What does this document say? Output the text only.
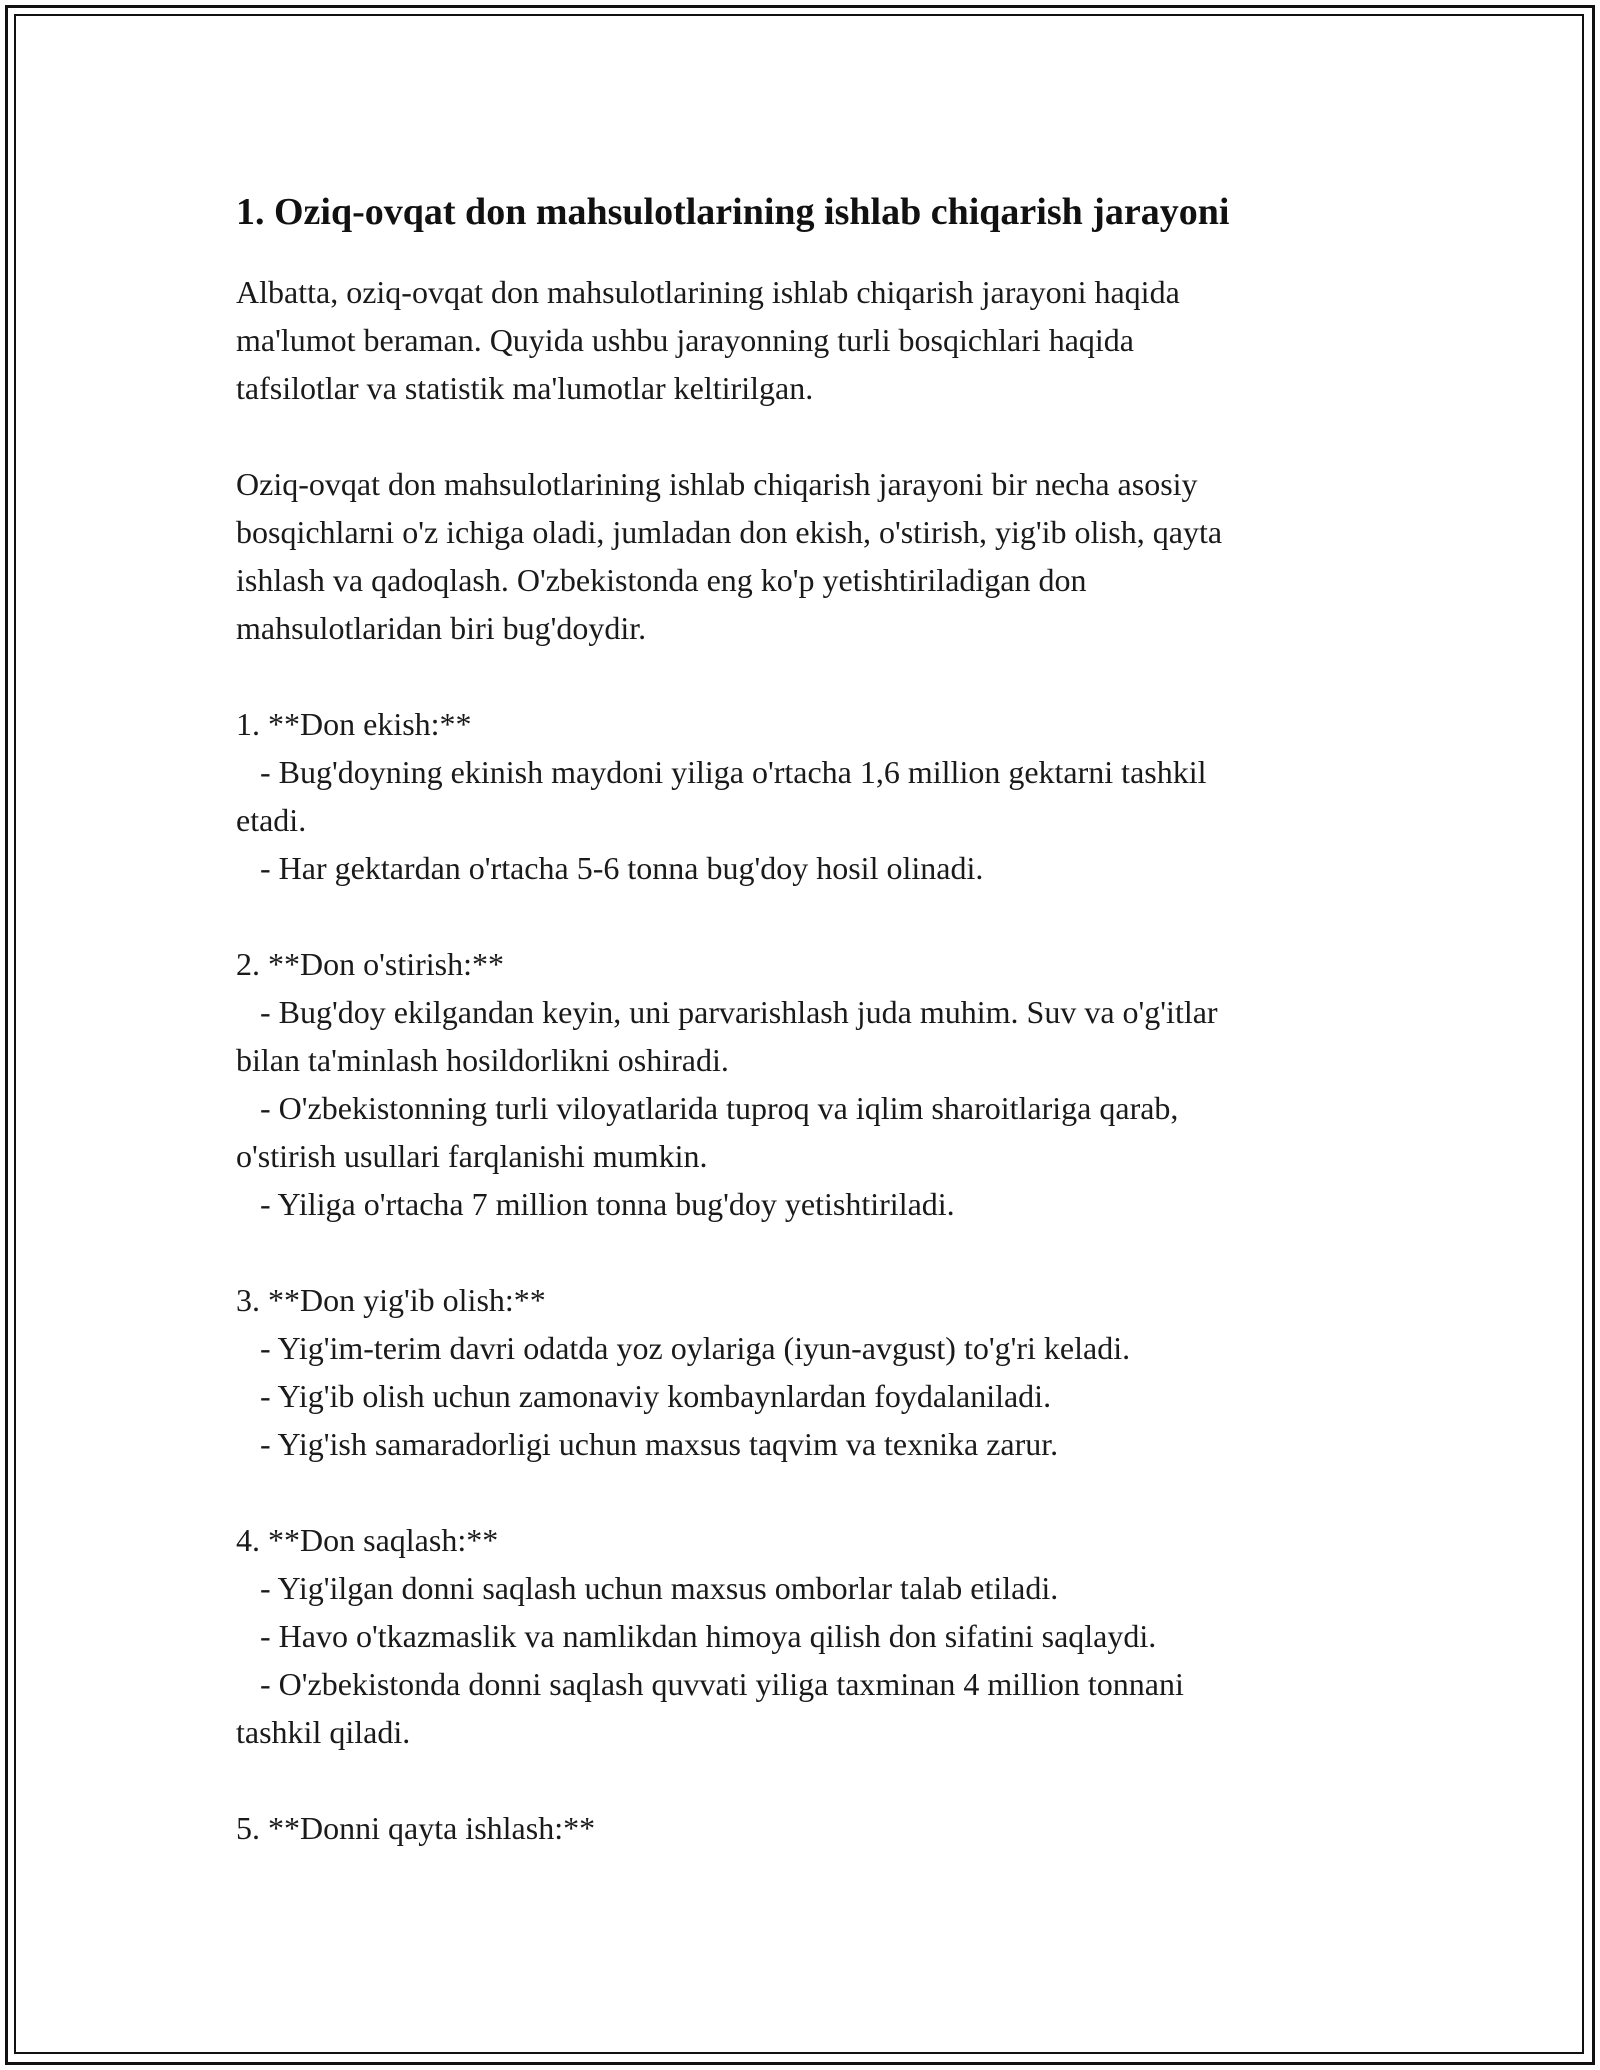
1. Oziq-ovqat don mahsulotlarining ishlab chiqarish jarayoni

Albatta, oziq-ovqat don mahsulotlarining ishlab chiqarish jarayoni haqida
ma'lumot beraman. Quyida ushbu jarayonning turli bosqichlari haqida
tafsilotlar va statistik ma'lumotlar keltirilgan.

Oziq-ovqat don mahsulotlarining ishlab chiqarish jarayoni bir necha asosiy
bosqichlarni o'z ichiga oladi, jumladan don ekish, o'stirish, yig'ib olish, qayta
ishlash va qadoqlash. O'zbekistonda eng ko'p yetishtiriladigan don
mahsulotlaridan biri bug'doydir.

1. **Don ekish:**
- Bug'doyning ekinish maydoni yiliga o'rtacha 1,6 million gektarni tashkil
etadi.
- Har gektardan o'rtacha 5-6 tonna bug'doy hosil olinadi.

2. **Don o'stirish:**
- Bug'doy ekilgandan keyin, uni parvarishlash juda muhim. Suv va o'g'itlar
bilan ta'minlash hosildorlikni oshiradi.
- O'zbekistonning turli viloyatlarida tuproq va iqlim sharoitlariga qarab,
o'stirish usullari farqlanishi mumkin.
- Yiliga o'rtacha 7 million tonna bug'doy yetishtiriladi.

3. **Don yig'ib olish:**
- Yig'im-terim davri odatda yoz oylariga (iyun-avgust) to'g'ri keladi.
- Yig'ib olish uchun zamonaviy kombaynlardan foydalaniladi.
- Yig'ish samaradorligi uchun maxsus taqvim va texnika zarur.

4. **Don saqlash:**
- Yig'ilgan donni saqlash uchun maxsus omborlar talab etiladi.
- Havo o'tkazmaslik va namlikdan himoya qilish don sifatini saqlaydi.
- O'zbekistonda donni saqlash quvvati yiliga taxminan 4 million tonnani
tashkil qiladi.

5. **Donni qayta ishlash:**
